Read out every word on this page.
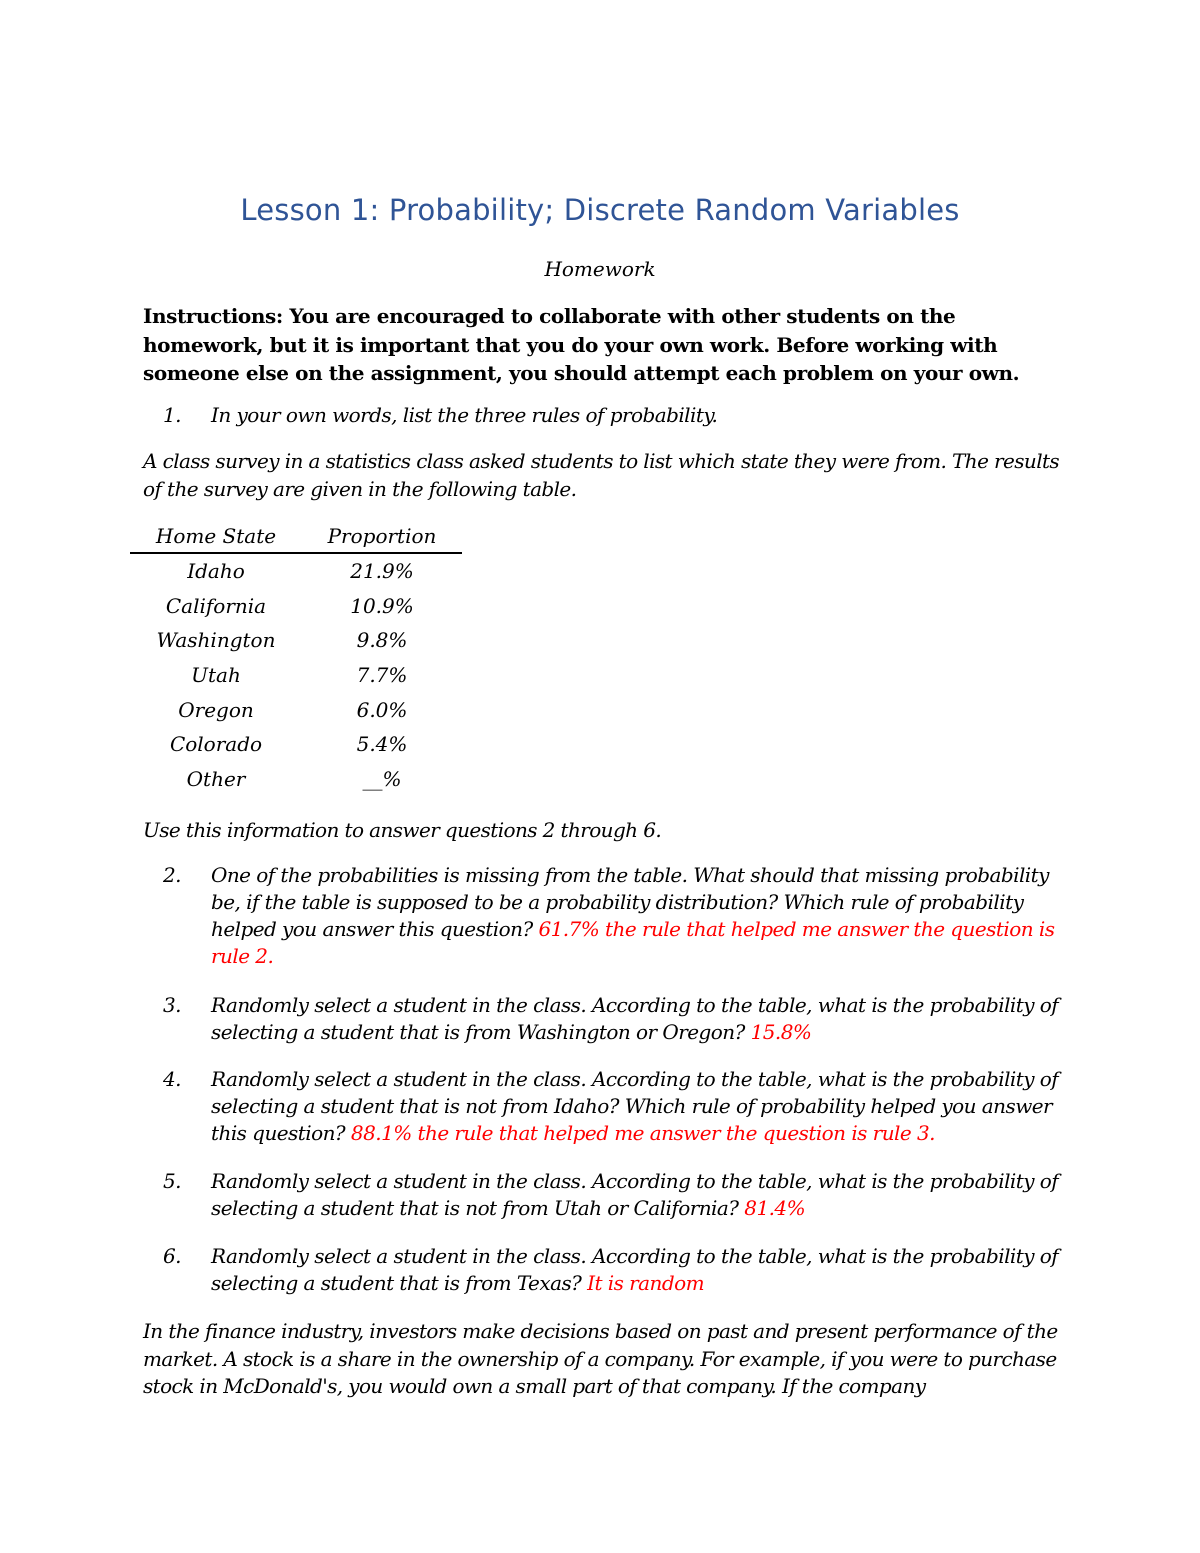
Lesson 1: Probability; Discrete Random Variables

Homework

Instructions: You are encouraged to collaborate with other students on the homework, but it is important that you do your own work. Before working with someone else on the assignment, you should attempt each problem on your own.

1.	In your own words, list the three rules of probability.

A class survey in a statistics class asked students to list which state they were from. The results of the survey are given in the following table.

Home State	Proportion
Idaho	21.9%
California	10.9%
Washington	9.8%
Utah	7.7%
Oregon	6.0%
Colorado	5.4%
Other	__%

Use this information to answer questions 2 through 6.

2.	One of the probabilities is missing from the table. What should that missing probability be, if the table is supposed to be a probability distribution? Which rule of probability helped you answer this question? 61.7% the rule that helped me answer the question is rule 2.
3.	Randomly select a student in the class. According to the table, what is the probability of selecting a student that is from Washington or Oregon? 15.8%
4.	Randomly select a student in the class. According to the table, what is the probability of selecting a student that is not from Idaho? Which rule of probability helped you answer this question? 88.1% the rule that helped me answer the question is rule 3.
5.	Randomly select a student in the class. According to the table, what is the probability of selecting a student that is not from Utah or California? 81.4%
6.	Randomly select a student in the class. According to the table, what is the probability of selecting a student that is from Texas? It is random

In the finance industry, investors make decisions based on past and present performance of the market. A stock is a share in the ownership of a company. For example, if you were to purchase stock in McDonald's, you would own a small part of that company. If the company
